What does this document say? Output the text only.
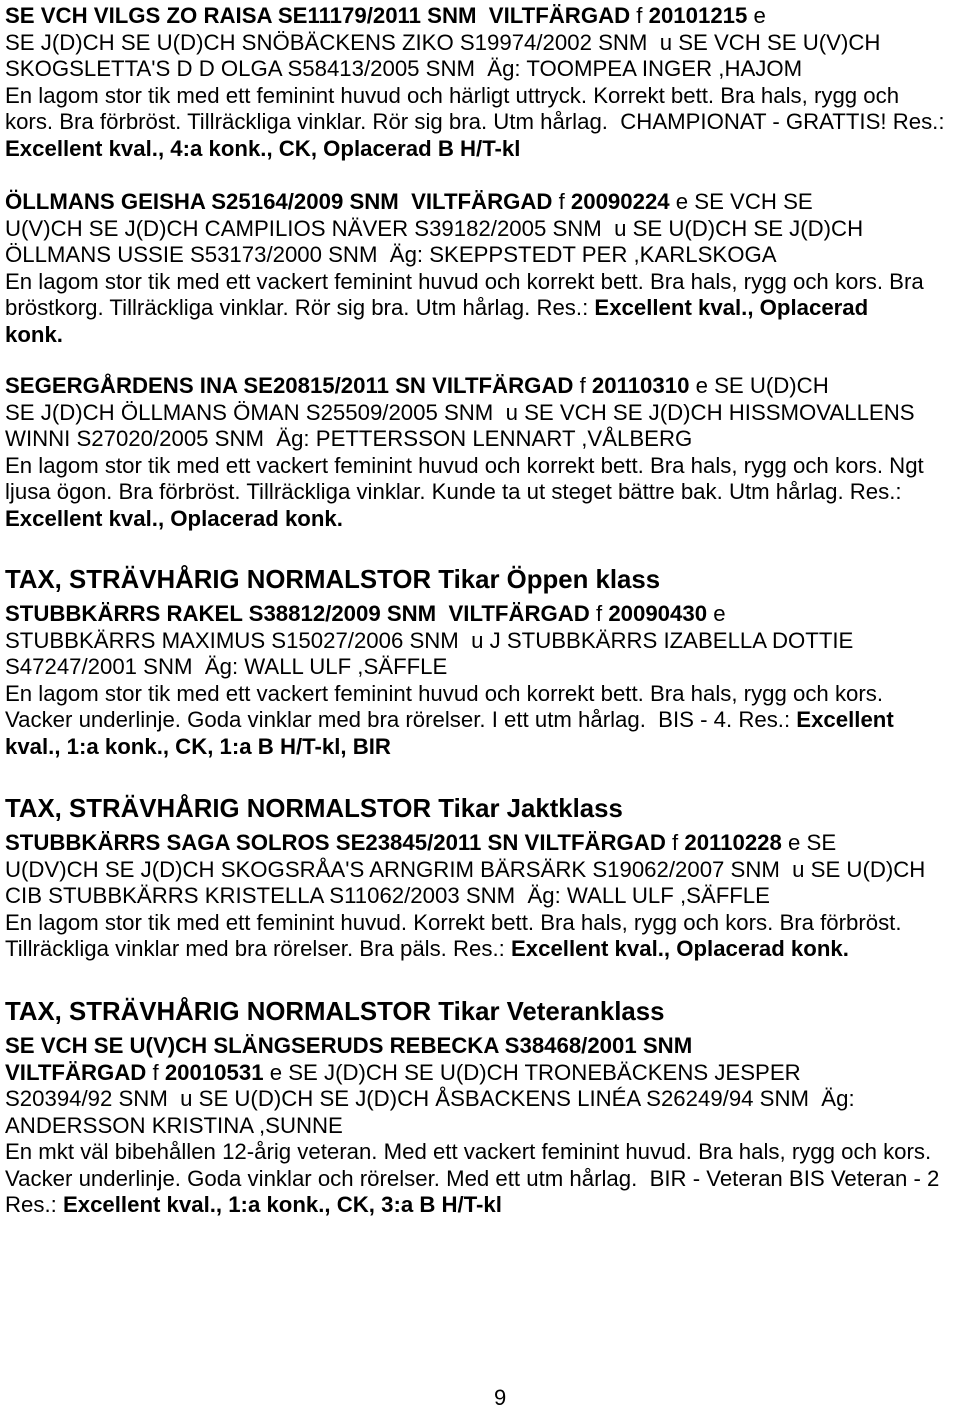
SE VCH VILGS ZO RAISA SE11179/2011 SNM  VILTFÄRGAD f 20101215 e
SE J(D)CH SE U(D)CH SNÖBÄCKENS ZIKO S19974/2002 SNM  u SE VCH SE U(V)CH
SKOGSLETTA'S D D OLGA S58413/2005 SNM  Äg: TOOMPEA INGER ,HAJOM
En lagom stor tik med ett feminint huvud och härligt uttryck. Korrekt bett. Bra hals, rygg och
kors. Bra förbröst. Tillräckliga vinklar. Rör sig bra. Utm hårlag.  CHAMPIONAT - GRATTIS! Res.:
Excellent kval., 4:a konk., CK, Oplacerad B H/T-kl
ÖLLMANS GEISHA S25164/2009 SNM  VILTFÄRGAD f 20090224 e SE VCH SE
U(V)CH SE J(D)CH CAMPILIOS NÄVER S39182/2005 SNM  u SE U(D)CH SE J(D)CH
ÖLLMANS USSIE S53173/2000 SNM  Äg: SKEPPSTEDT PER ,KARLSKOGA
En lagom stor tik med ett vackert feminint huvud och korrekt bett. Bra hals, rygg och kors. Bra
bröstkorg. Tillräckliga vinklar. Rör sig bra. Utm hårlag. Res.: Excellent kval., Oplacerad
konk.
SEGERGÅRDENS INA SE20815/2011 SN VILTFÄRGAD f 20110310 e SE U(D)CH
SE J(D)CH ÖLLMANS ÖMAN S25509/2005 SNM  u SE VCH SE J(D)CH HISSMOVALLENS
WINNI S27020/2005 SNM  Äg: PETTERSSON LENNART ,VÅLBERG
En lagom stor tik med ett vackert feminint huvud och korrekt bett. Bra hals, rygg och kors. Ngt
ljusa ögon. Bra förbröst. Tillräckliga vinklar. Kunde ta ut steget bättre bak. Utm hårlag. Res.:
Excellent kval., Oplacerad konk.
TAX, STRÄVHÅRIG NORMALSTOR Tikar Öppen klass
STUBBKÄRRS RAKEL S38812/2009 SNM  VILTFÄRGAD f 20090430 e
STUBBKÄRRS MAXIMUS S15027/2006 SNM  u J STUBBKÄRRS IZABELLA DOTTIE
S47247/2001 SNM  Äg: WALL ULF ,SÄFFLE
En lagom stor tik med ett vackert feminint huvud och korrekt bett. Bra hals, rygg och kors.
Vacker underlinje. Goda vinklar med bra rörelser. I ett utm hårlag.  BIS - 4. Res.: Excellent
kval., 1:a konk., CK, 1:a B H/T-kl, BIR
TAX, STRÄVHÅRIG NORMALSTOR Tikar Jaktklass
STUBBKÄRRS SAGA SOLROS SE23845/2011 SN VILTFÄRGAD f 20110228 e SE
U(DV)CH SE J(D)CH SKOGSRÅA'S ARNGRIM BÄRSÄRK S19062/2007 SNM  u SE U(D)CH
CIB STUBBKÄRRS KRISTELLA S11062/2003 SNM  Äg: WALL ULF ,SÄFFLE
En lagom stor tik med ett feminint huvud. Korrekt bett. Bra hals, rygg och kors. Bra förbröst.
Tillräckliga vinklar med bra rörelser. Bra päls. Res.: Excellent kval., Oplacerad konk.
TAX, STRÄVHÅRIG NORMALSTOR Tikar Veteranklass
SE VCH SE U(V)CH SLÄNGSERUDS REBECKA S38468/2001 SNM
VILTFÄRGAD f 20010531 e SE J(D)CH SE U(D)CH TRONEBÄCKENS JESPER
S20394/92 SNM  u SE U(D)CH SE J(D)CH ÅSBACKENS LINÉA S26249/94 SNM  Äg:
ANDERSSON KRISTINA ,SUNNE
En mkt väl bibehållen 12-årig veteran. Med ett vackert feminint huvud. Bra hals, rygg och kors.
Vacker underlinje. Goda vinklar och rörelser. Med ett utm hårlag.  BIR - Veteran BIS Veteran - 2
Res.: Excellent kval., 1:a konk., CK, 3:a B H/T-kl
9
